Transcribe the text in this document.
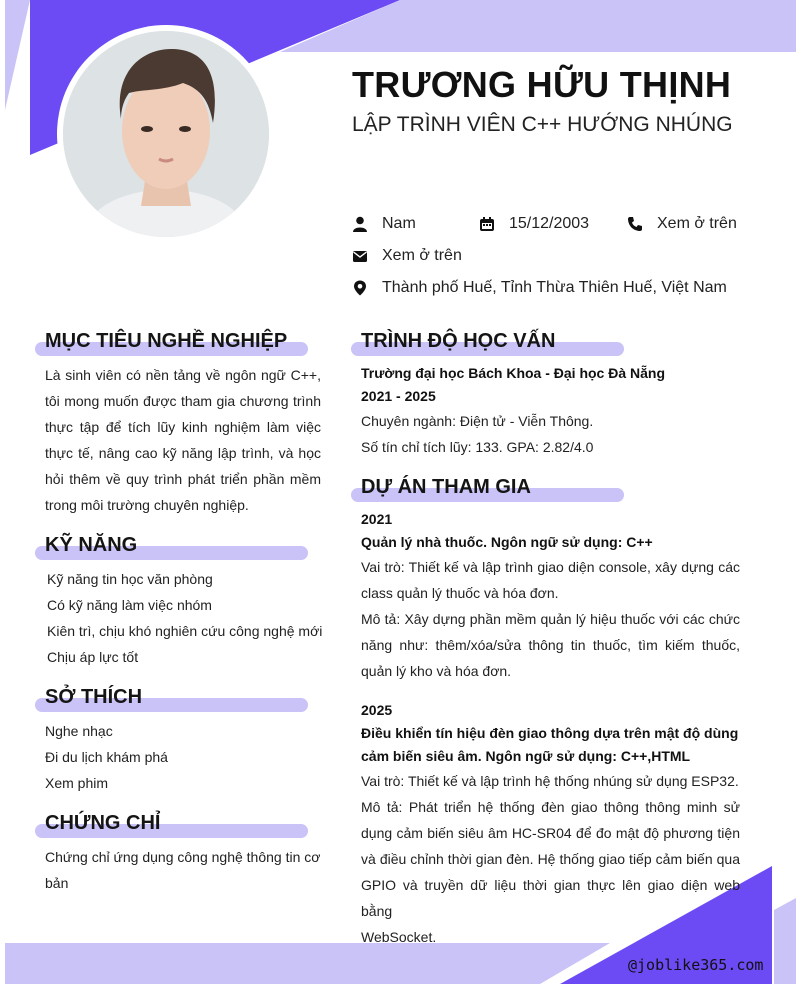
TRƯƠNG HỮU THỊNH
LẬP TRÌNH VIÊN C++ HƯỚNG NHÚNG
Nam	15/12/2003	Xem ở trên
Xem ở trên
Thành phố Huế, Tỉnh Thừa Thiên Huế, Việt Nam
MỤC TIÊU NGHỀ NGHIỆP
Là sinh viên có nền tảng về ngôn ngữ C++,
tôi mong muốn được tham gia chương trình
thực tập để tích lũy kinh nghiệm làm việc
thực tế, nâng cao kỹ năng lập trình, và học
hỏi thêm về quy trình phát triển phần mềm
trong môi trường chuyên nghiệp.
KỸ NĂNG
Kỹ năng tin học văn phòng
Có kỹ năng làm việc nhóm
Kiên trì, chịu khó nghiên cứu công nghệ mới
Chịu áp lực tốt
SỞ THÍCH
Nghe nhạc
Đi du lịch khám phá
Xem phim
CHỨNG CHỈ
Chứng chỉ ứng dụng công nghệ thông tin cơ
bản
TRÌNH ĐỘ HỌC VẤN
Trường đại học Bách Khoa - Đại học Đà Nẵng
2021 - 2025
Chuyên ngành: Điện tử - Viễn Thông.
Số tín chỉ tích lũy: 133. GPA: 2.82/4.0
DỰ ÁN THAM GIA
2021
Quản lý nhà thuốc. Ngôn ngữ sử dụng: C++
Vai trò: Thiết kế và lập trình giao diện console, xây dựng các
class quản lý thuốc và hóa đơn.
Mô tả: Xây dựng phần mềm quản lý hiệu thuốc với các chức
năng như: thêm/xóa/sửa thông tin thuốc, tìm kiếm thuốc,
quản lý kho và hóa đơn.
2025
Điều khiển tín hiệu đèn giao thông dựa trên mật độ dùng
cảm biến siêu âm. Ngôn ngữ sử dụng: C++,HTML
Vai trò: Thiết kế và lập trình hệ thống nhúng sử dụng ESP32.
Mô tả: Phát triển hệ thống đèn giao thông thông minh sử
dụng cảm biến siêu âm HC-SR04 để đo mật độ phương tiện
và điều chỉnh thời gian đèn. Hệ thống giao tiếp cảm biến qua
GPIO và truyền dữ liệu thời gian thực lên giao diện web bằng
WebSocket.
@joblike365.com
